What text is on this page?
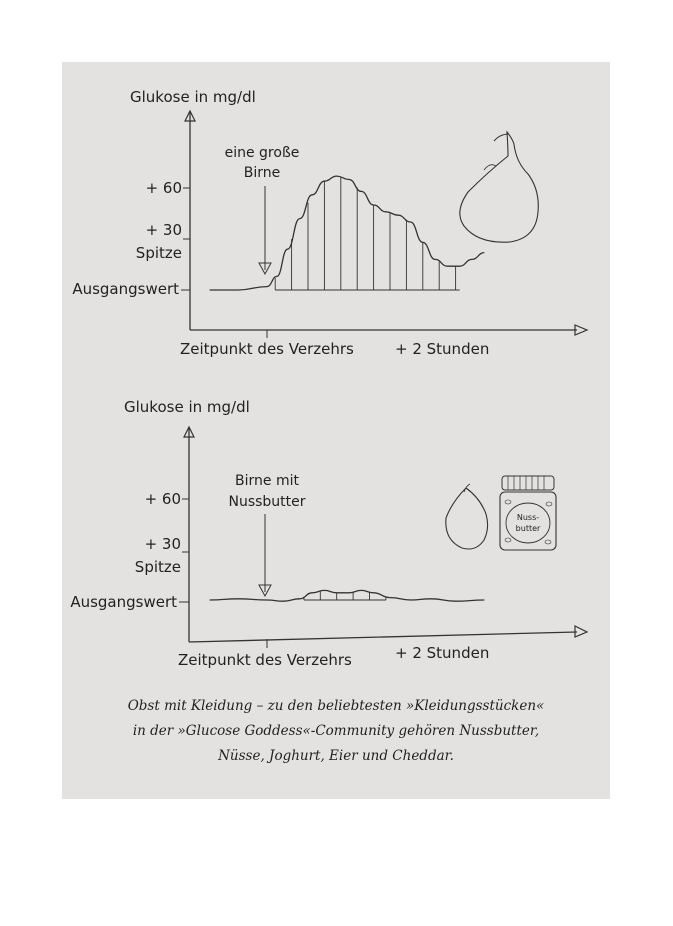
Glukose in mg/dl
+ 60
+ 30
Spitze
Ausgangswert
Zeitpunkt des Verzehrs	+ 2 Stunden
eine große
Birne
Glukose in mg/dl
+ 60
+ 30
Spitze
Ausgangswert
Zeitpunkt des Verzehrs	+ 2 Stunden
Birne mit
Nussbutter
Nuss-
butter
Obst mit Kleidung – zu den beliebtesten »Kleidungsstücken«
in der »Glucose Goddess«-Community gehören Nussbutter,
Nüsse, Joghurt, Eier und Cheddar.
